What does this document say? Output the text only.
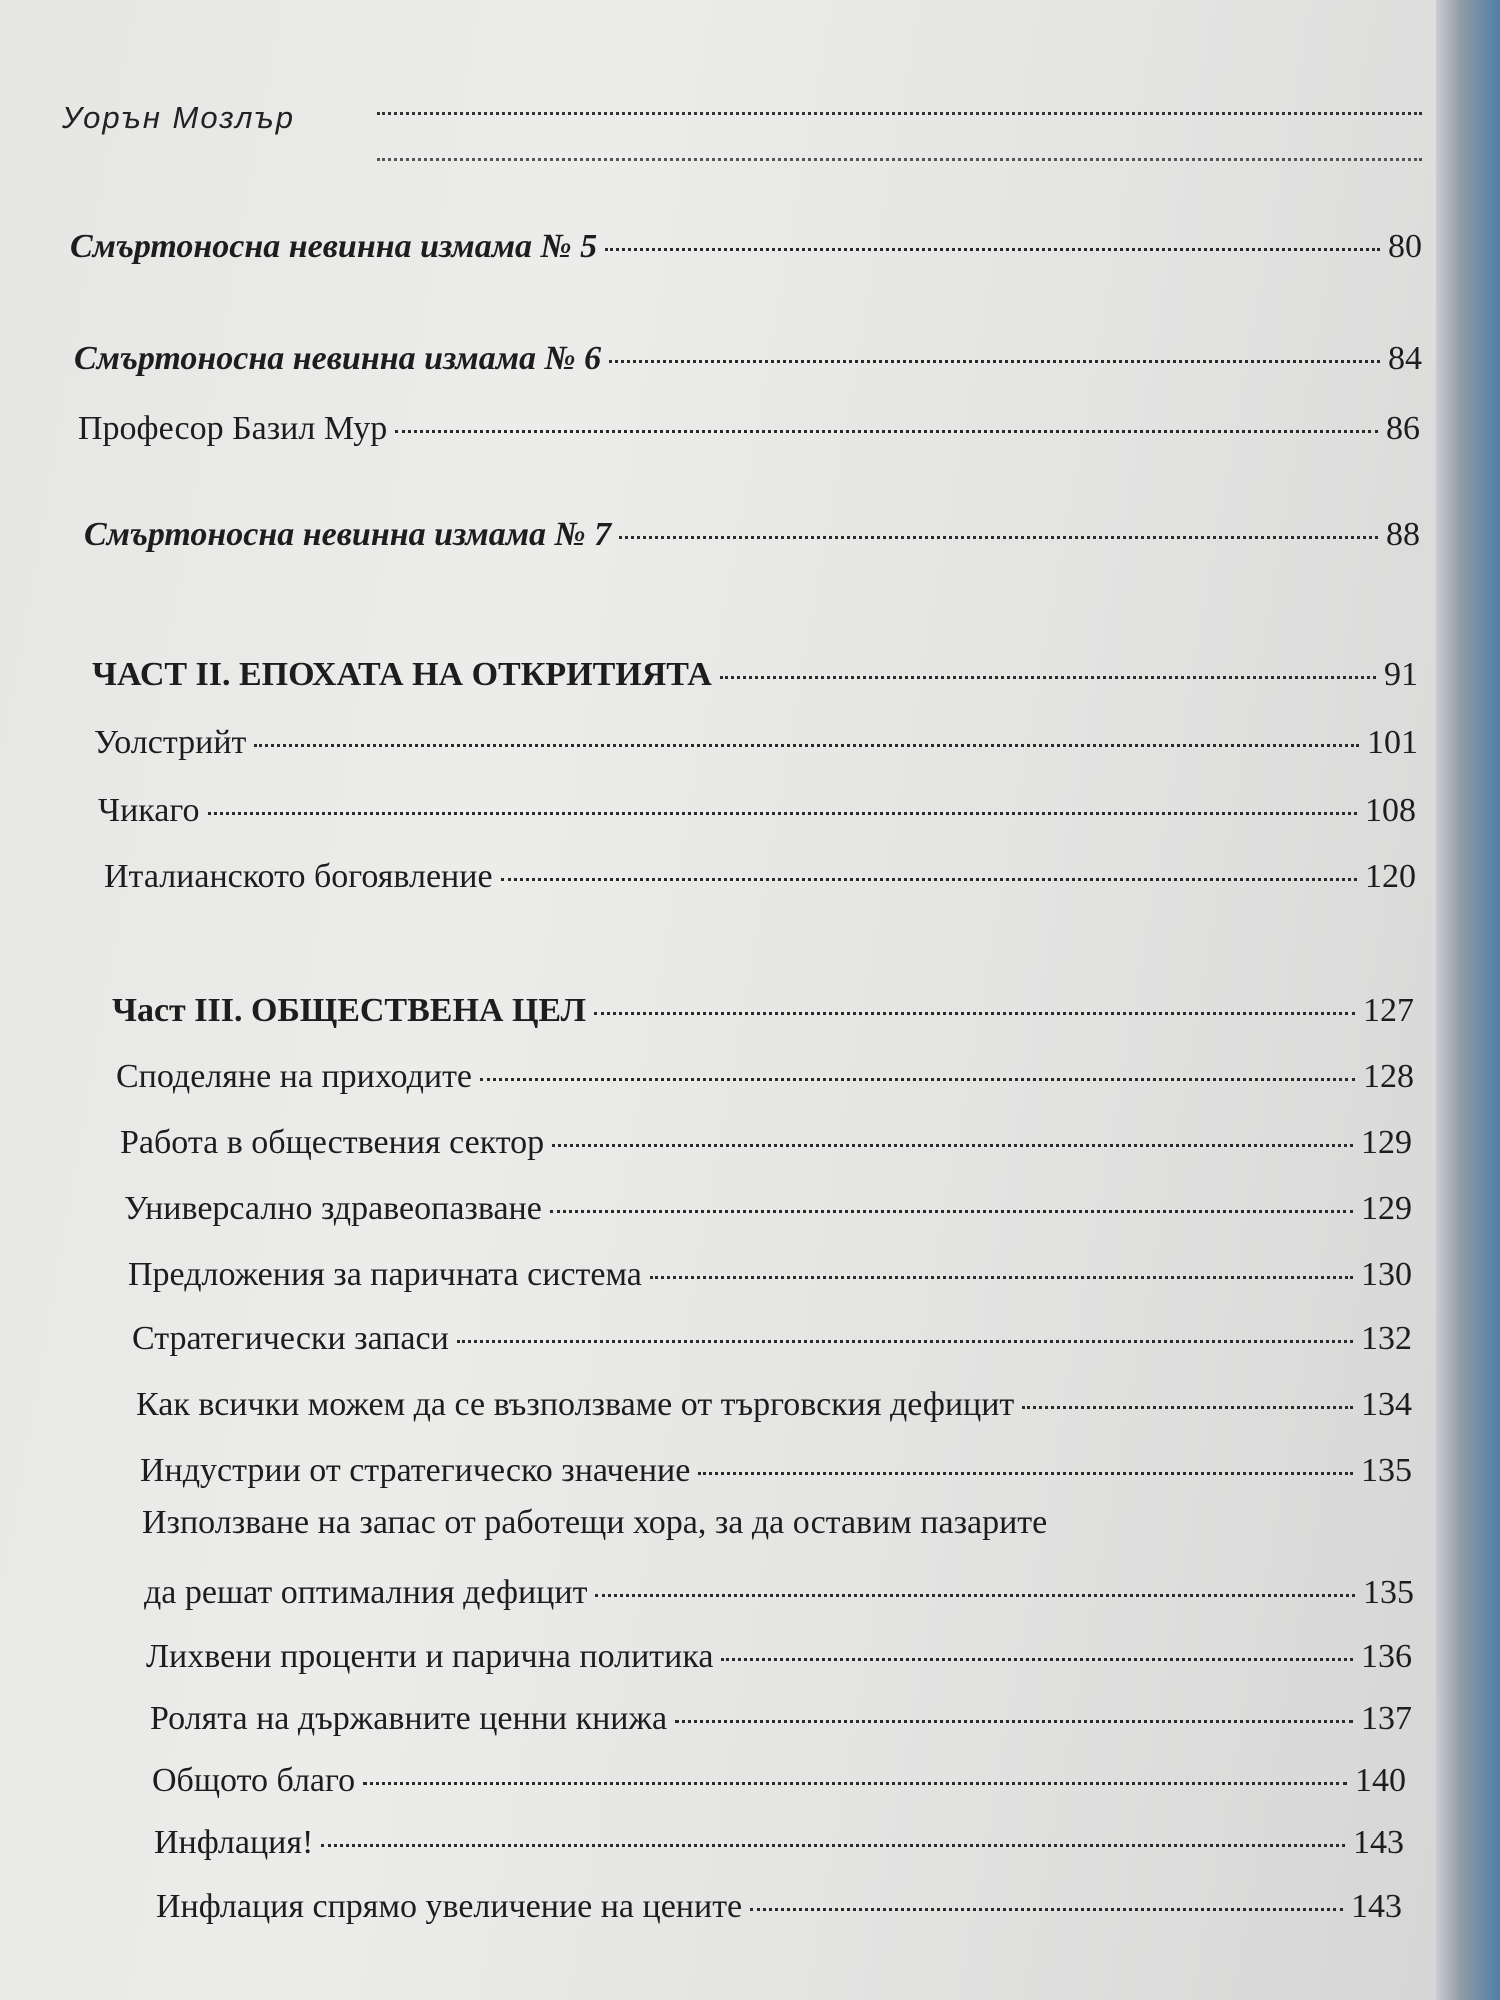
Уорън Мозлър
Смъртоносна невинна измама № 5	80
Смъртоносна невинна измама № 6	84
Професор Базил Мур	86
Смъртоносна невинна измама № 7	88
ЧАСТ II. ЕПОХАТА НА ОТКРИТИЯТА	91
Уолстрийт	101
Чикаго	108
Италианското богоявление	120
Част III. ОБЩЕСТВЕНА ЦЕЛ	127
Споделяне на приходите	128
Работа в обществения сектор	129
Универсално здравеопазване	129
Предложения за паричната система	130
Стратегически запаси	132
Как всички можем да се възползваме от търговския дефицит	134
Индустрии от стратегическо значение	135
Използване на запас от работещи хора, за да оставим пазарите
да решат оптималния дефицит	135
Лихвени проценти и парична политика	136
Ролята на държавните ценни книжа	137
Общото благо	140
Инфлация!	143
Инфлация спрямо увеличение на цените	143
